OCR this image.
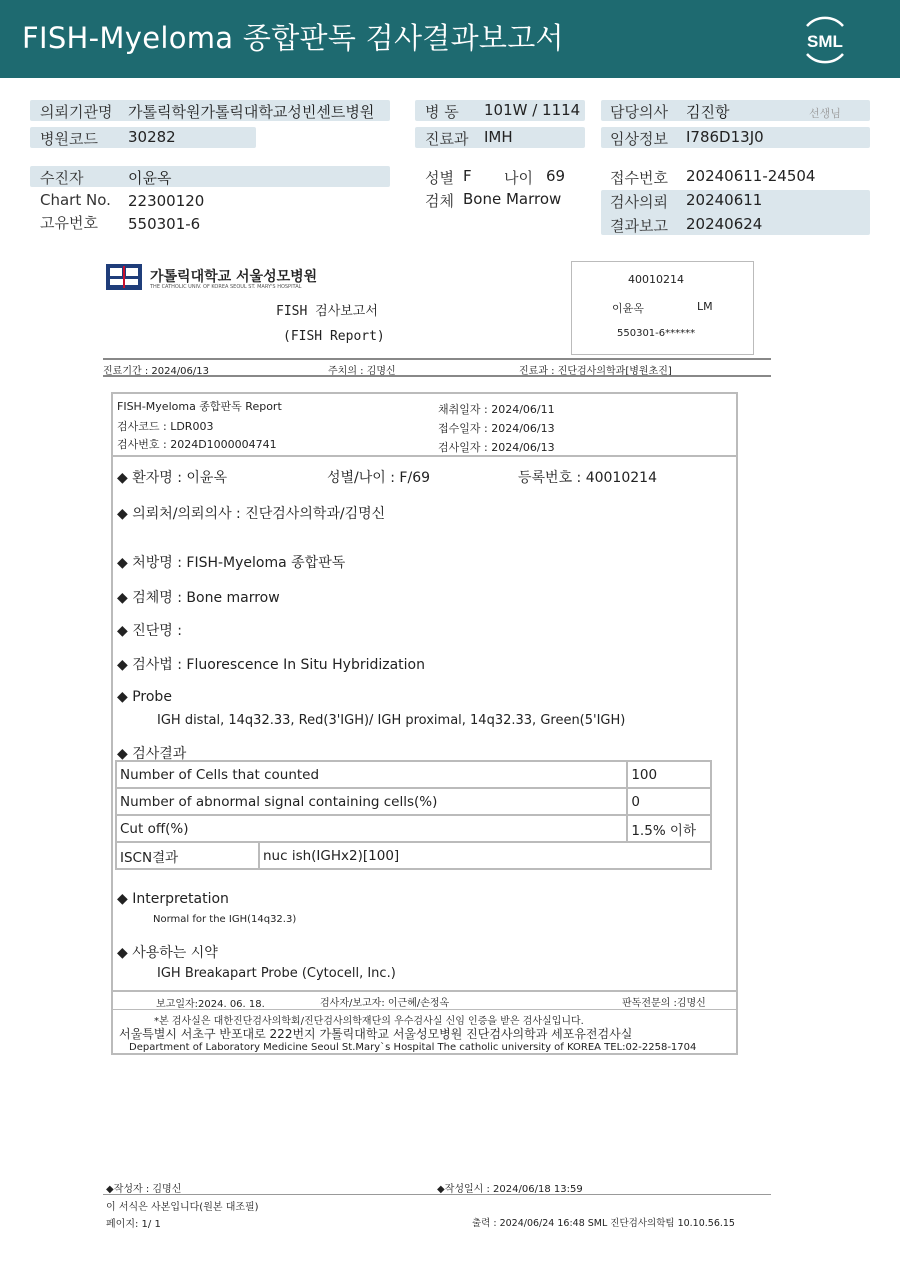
FISH-Myeloma 종합판독 검사결과보고서	SML
의뢰기관명 가톨릭학원가톨릭대학교성빈센트병원
병원코드 30282
병 동 101W / 1114
진료과 IMH
담당의사 김진항	선생님
임상정보 I786D13J0
수진자	이윤옥
Chart No. 22300120
고유번호 550301-6
성별 F 나이 69
검체 Bone Marrow
접수번호 20240611-24504
검사의뢰 20240611
결과보고 20240624
가톨릭대학교 서울성모병원
THE CATHOLIC UNIV. OF KOREA SEOUL ST. MARY'S HOSPITAL
FISH 검사보고서
(FISH Report)
40010214
이윤옥	LM
550301-6******
진료기간 : 2024/06/13	주치의 : 김명신	진료과 : 진단검사의학과[병원초진]
FISH-Myeloma 종합판독 Report
검사코드 : LDR003
검사번호 : 2024D1000004741
채취일자 : 2024/06/11
접수일자 : 2024/06/13
검사일자 : 2024/06/13
◆ 환자명 : 이윤옥	성별/나이 : F/69	등록번호 : 40010214
◆ 의뢰처/의뢰의사 : 진단검사의학과/김명신
◆ 처방명 : FISH-Myeloma 종합판독
◆ 검체명 : Bone marrow
◆ 진단명 :
◆ 검사법 : Fluorescence In Situ Hybridization
◆ Probe
IGH distal, 14q32.33, Red(3'IGH)/ IGH proximal, 14q32.33, Green(5'IGH)
◆ 검사결과
Number of Cells that counted		100
Number of abnormal signal containing cells(%)		0
Cut off(%)		1.5% 이하
ISCN결과	nuc ish(IGHx2)[100]	
◆ Interpretation
Normal for the IGH(14q32.3)
◆ 사용하는 시약
IGH Breakapart Probe (Cytocell, Inc.)
보고일자:2024. 06. 18.	검사자/보고자: 이근혜/손정옥	판독전문의 :김명신
*본 검사실은 대한진단검사의학회/진단검사의학재단의 우수검사실 신임 인증을 받은 검사실입니다.
서울특별시 서초구 반포대로 222번지 가톨릭대학교 서울성모병원 진단검사의학과 세포유전검사실
Department of Laboratory Medicine Seoul St.Mary`s Hospital The catholic university of KOREA TEL:02-2258-1704
◆작성자 : 김명신	◆작성일시 : 2024/06/18 13:59
이 서식은 사본입니다(원본 대조필)
페이지: 1/ 1	출력 : 2024/06/24 16:48 SML 진단검사의학팀 10.10.56.15
